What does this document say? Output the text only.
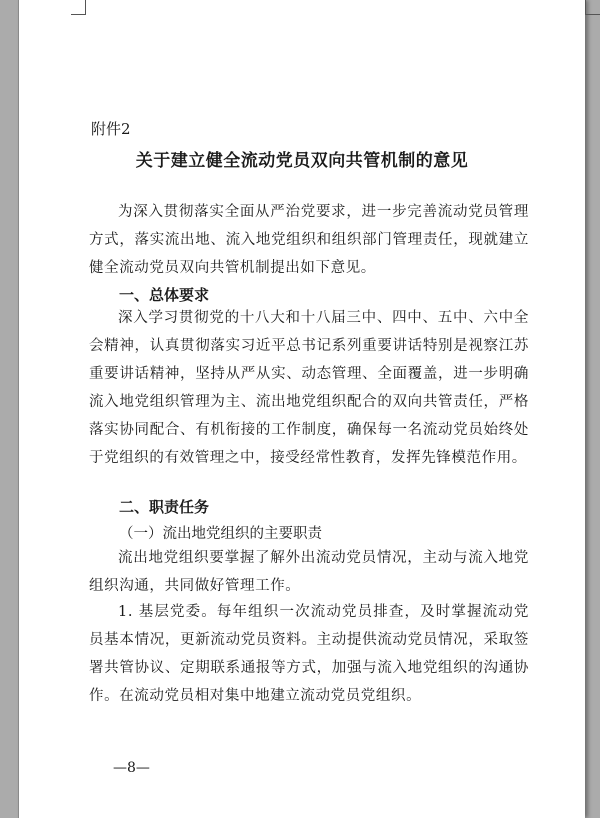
附件2
关于建立健全流动党员双向共管机制的意见
为深入贯彻落实全面从严治党要求，进一步完善流动党员管理方式，落实流出地、流入地党组织和组织部门管理责任，现就建立健全流动党员双向共管机制提出如下意见。
一、总体要求
深入学习贯彻党的十八大和十八届三中、四中、五中、六中全会精神，认真贯彻落实习近平总书记系列重要讲话特别是视察江苏重要讲话精神，坚持从严从实、动态管理、全面覆盖，进一步明确流入地党组织管理为主、流出地党组织配合的双向共管责任，严格落实协同配合、有机衔接的工作制度，确保每一名流动党员始终处于党组织的有效管理之中，接受经常性教育，发挥先锋模范作用。
二、职责任务
（一）流出地党组织的主要职责
流出地党组织要掌握了解外出流动党员情况，主动与流入地党组织沟通，共同做好管理工作。
1. 基层党委。每年组织一次流动党员排查，及时掌握流动党员基本情况，更新流动党员资料。主动提供流动党员情况，采取签署共管协议、定期联系通报等方式，加强与流入地党组织的沟通协作。在流动党员相对集中地建立流动党员党组织。
—8—
